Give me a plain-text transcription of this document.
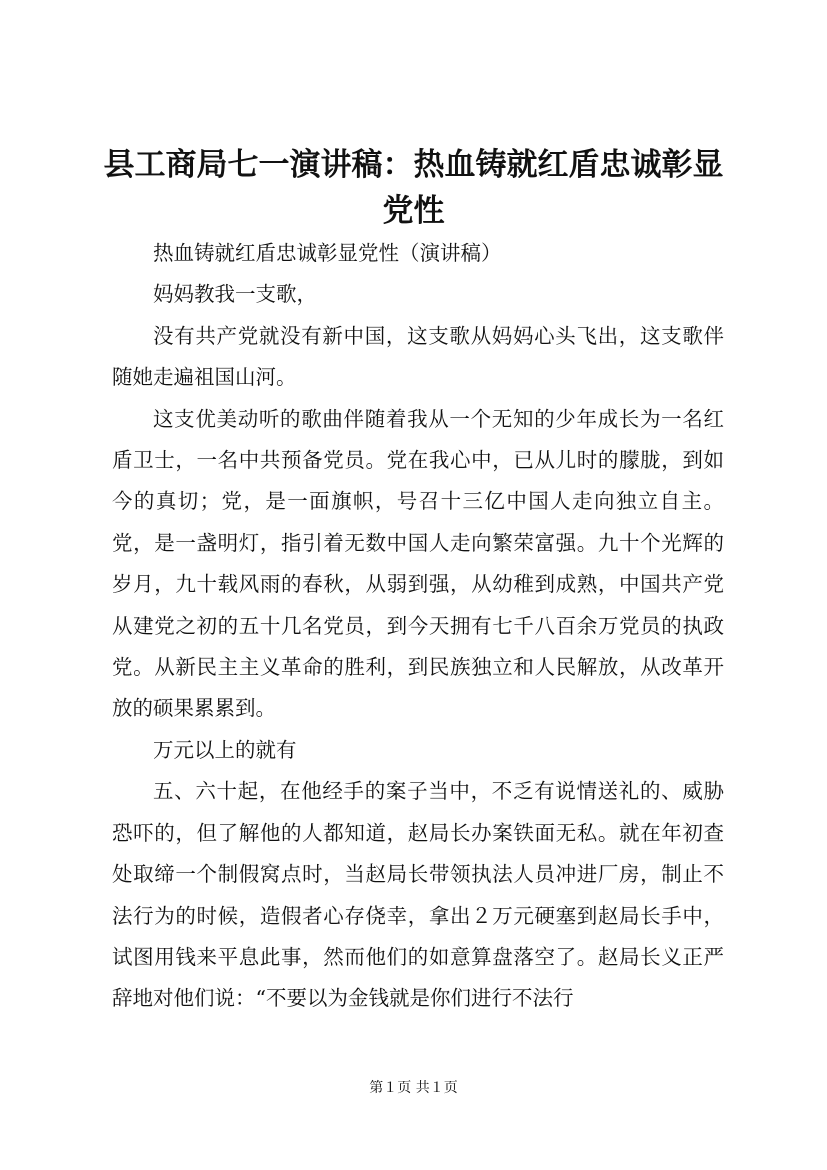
县工商局七一演讲稿：热血铸就红盾忠诚彰显
党性

热血铸就红盾忠诚彰显党性（演讲稿）

妈妈教我一支歌，

没有共产党就没有新中国，这支歌从妈妈心头飞出，这支歌伴随她走遍祖国山河。

这支优美动听的歌曲伴随着我从一个无知的少年成长为一名红盾卫士，一名中共预备党员。党在我心中，已从儿时的朦胧，到如今的真切；党，是一面旗帜，号召十三亿中国人走向独立自主。党，是一盏明灯，指引着无数中国人走向繁荣富强。九十个光辉的岁月，九十载风雨的春秋，从弱到强，从幼稚到成熟，中国共产党从建党之初的五十几名党员，到今天拥有七千八百余万党员的执政党。从新民主主义革命的胜利，到民族独立和人民解放，从改革开放的硕果累累到。

万元以上的就有

五、六十起，在他经手的案子当中，不乏有说情送礼的、威胁恐吓的，但了解他的人都知道，赵局长办案铁面无私。就在年初查处取缔一个制假窝点时，当赵局长带领执法人员冲进厂房，制止不法行为的时候，造假者心存侥幸，拿出２万元硬塞到赵局长手中，试图用钱来平息此事，然而他们的如意算盘落空了。赵局长义正严辞地对他们说：“不要以为金钱就是你们进行不法行

第１页 共１页
